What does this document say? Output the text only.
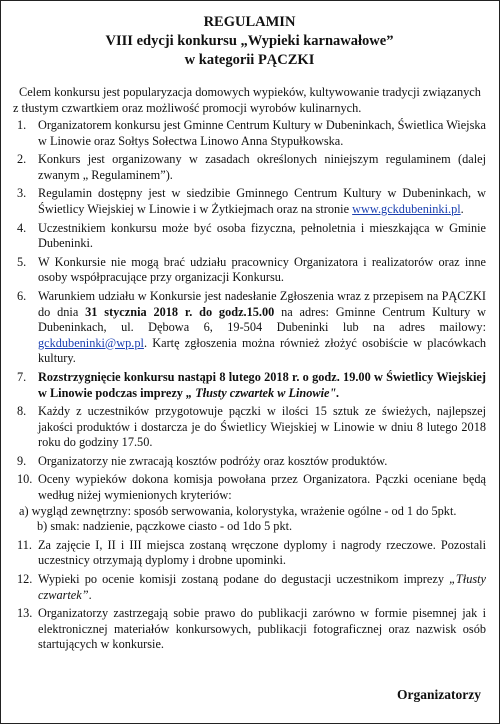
REGULAMIN
VIII edycji konkursu „Wypieki karnawałowe”
w kategorii PĄCZKI

Celem konkursu jest popularyzacja domowych wypieków, kultywowanie tradycji związanych z tłustym czwartkiem oraz możliwość promocji wyrobów kulinarnych.

1. Organizatorem konkursu jest Gminne Centrum Kultury w Dubeninkach, Świetlica Wiejska w Linowie oraz Sołtys Sołectwa Linowo Anna Stypułkowska.
2. Konkurs jest organizowany w zasadach określonych niniejszym regulaminem (dalej zwanym „ Regulaminem”).
3. Regulamin dostępny jest w siedzibie Gminnego Centrum Kultury w Dubeninkach, w Świetlicy Wiejskiej w Linowie i w Żytkiejmach oraz na stronie www.gckdubeninki.pl.
4. Uczestnikiem konkursu może być osoba fizyczna, pełnoletnia i mieszkająca w Gminie Dubeninki.
5. W Konkursie nie mogą brać udziału pracownicy Organizatora i realizatorów oraz inne osoby współpracujące przy organizacji Konkursu.
6. Warunkiem udziału w Konkursie jest nadesłanie Zgłoszenia wraz z przepisem na PĄCZKI do dnia 31 stycznia 2018 r. do godz.15.00 na adres: Gminne Centrum Kultury w Dubeninkach, ul. Dębowa 6, 19-504 Dubeninki lub na adres mailowy: gckdubeninki@wp.pl. Kartę zgłoszenia można również złożyć osobiście w placówkach kultury.
7. Rozstrzygnięcie konkursu nastąpi 8 lutego 2018 r. o godz. 19.00 w Świetlicy Wiejskiej w Linowie podczas imprezy „ Tłusty czwartek w Linowie".
8. Każdy z uczestników przygotowuje pączki w ilości 15 sztuk ze świeżych, najlepszej jakości produktów i dostarcza je do Świetlicy Wiejskiej w Linowie w dniu 8 lutego 2018 roku do godziny 17.50.
9. Organizatorzy nie zwracają kosztów podróży oraz kosztów produktów.
10. Oceny wypieków dokona komisja powołana przez Organizatora. Pączki oceniane będą według niżej wymienionych kryteriów:
a) wygląd zewnętrzny: sposób serwowania, kolorystyka, wrażenie ogólne - od 1 do 5pkt.
b) smak: nadzienie, pączkowe ciasto - od 1do 5 pkt.
11. Za zajęcie I, II i III miejsca zostaną wręczone dyplomy i nagrody rzeczowe. Pozostali uczestnicy otrzymają dyplomy i drobne upominki.
12. Wypieki po ocenie komisji zostaną podane do degustacji uczestnikom imprezy „Tłusty czwartek”.
13. Organizatorzy zastrzegają sobie prawo do publikacji zarówno w formie pisemnej jak i elektronicznej materiałów konkursowych, publikacji fotograficznej oraz nazwisk osób startujących w konkursie.
Organizatorzy
